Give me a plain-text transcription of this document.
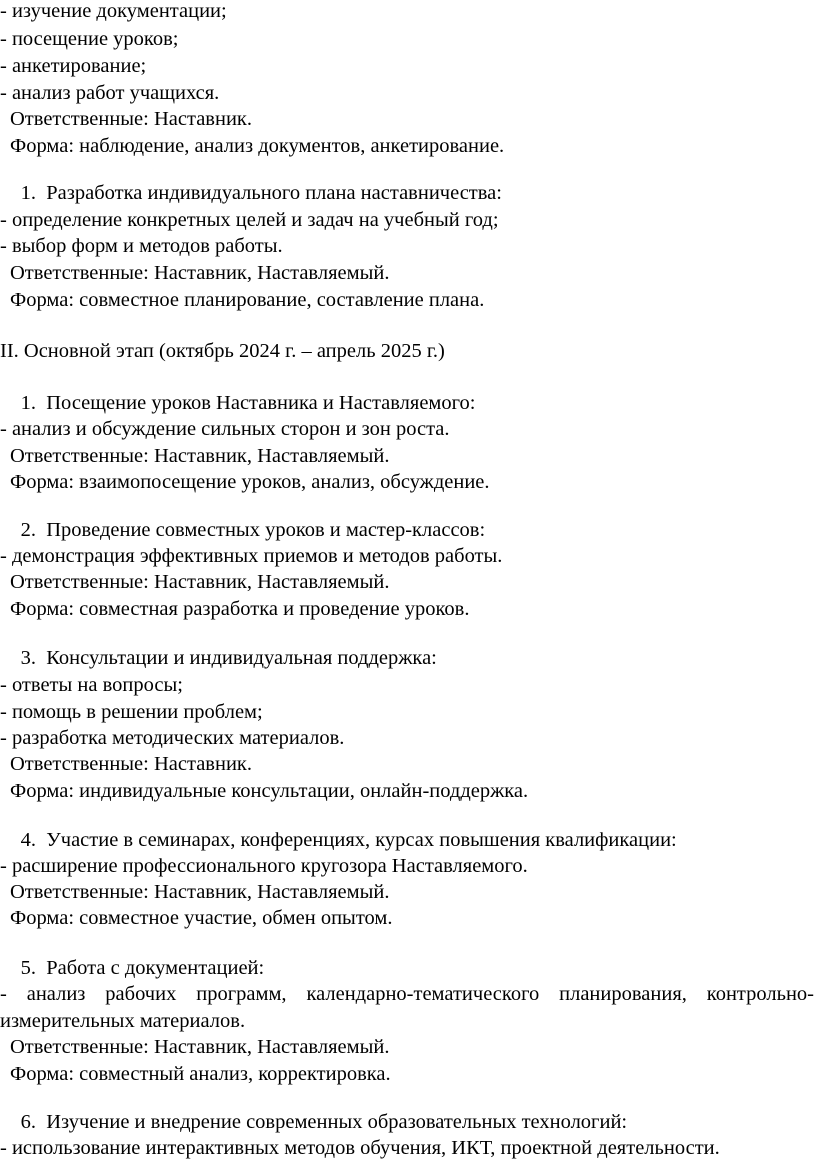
- изучение документации;
- посещение уроков;
- анкетирование;
- анализ работ учащихся.
Ответственные: Наставник.
Форма: наблюдение, анализ документов, анкетирование.
1. Разработка индивидуального плана наставничества:
- определение конкретных целей и задач на учебный год;
- выбор форм и методов работы.
Ответственные: Наставник, Наставляемый.
Форма: совместное планирование, составление плана.
II. Основной этап (октябрь 2024 г. – апрель 2025 г.)
1. Посещение уроков Наставника и Наставляемого:
- анализ и обсуждение сильных сторон и зон роста.
Ответственные: Наставник, Наставляемый.
Форма: взаимопосещение уроков, анализ, обсуждение.
2. Проведение совместных уроков и мастер-классов:
- демонстрация эффективных приемов и методов работы.
Ответственные: Наставник, Наставляемый.
Форма: совместная разработка и проведение уроков.
3. Консультации и индивидуальная поддержка:
- ответы на вопросы;
- помощь в решении проблем;
- разработка методических материалов.
Ответственные: Наставник.
Форма: индивидуальные консультации, онлайн-поддержка.
4. Участие в семинарах, конференциях, курсах повышения квалификации:
- расширение профессионального кругозора Наставляемого.
Ответственные: Наставник, Наставляемый.
Форма: совместное участие, обмен опытом.
5. Работа с документацией:
- анализ рабочих программ, календарно-тематического планирования, контрольно-
измерительных материалов.
Ответственные: Наставник, Наставляемый.
Форма: совместный анализ, корректировка.
6. Изучение и внедрение современных образовательных технологий:
- использование интерактивных методов обучения, ИКТ, проектной деятельности.
